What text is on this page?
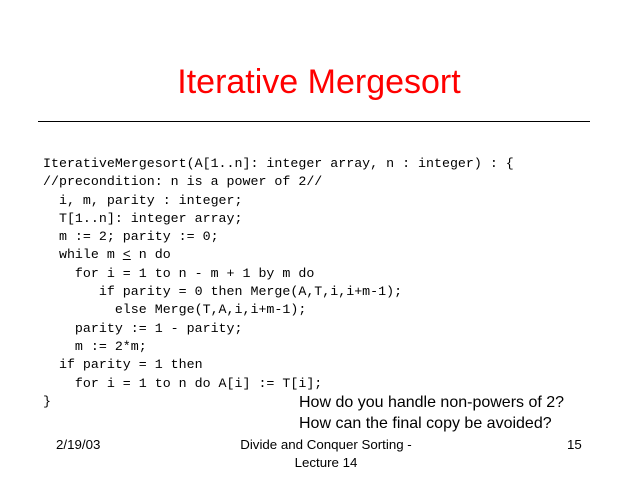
Iterative Mergesort
IterativeMergesort(A[1..n]: integer array, n : integer) : {
//precondition: n is a power of 2//
i, m, parity : integer;
T[1..n]: integer array;
m := 2; parity := 0;
while m ≤ n do
for i = 1 to n - m + 1 by m do
if parity = 0 then Merge(A,T,i,i+m-1);
else Merge(T,A,i,i+m-1);
parity := 1 - parity;
m := 2*m;
if parity = 1 then
for i = 1 to n do A[i] := T[i];
}	How do you handle non-powers of 2?
How can the final copy be avoided?
2/19/03	Divide and Conquer Sorting -
Lecture 14
15
